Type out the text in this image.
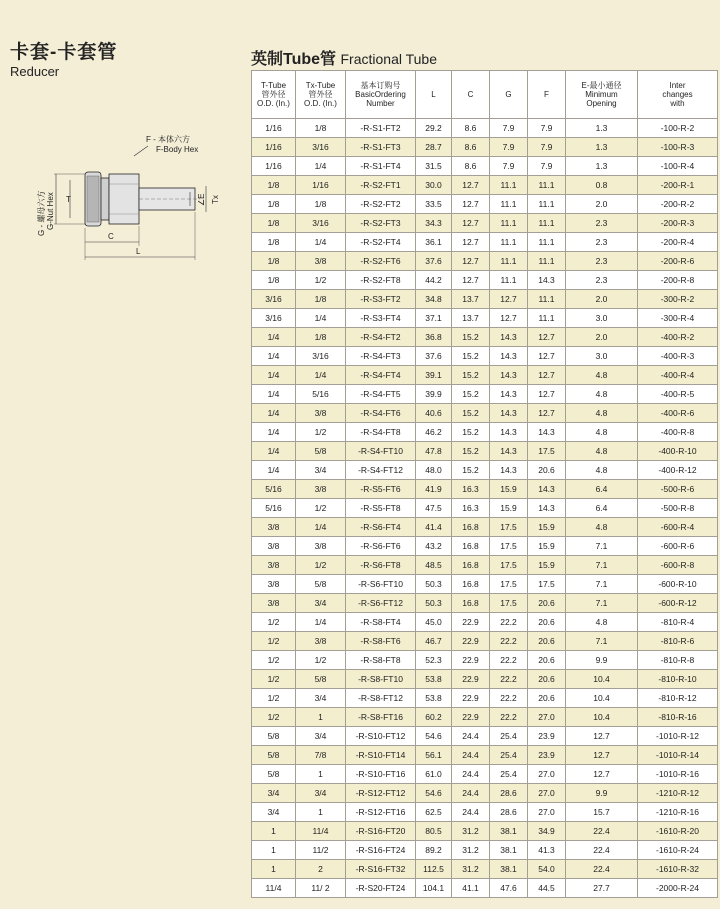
卡套-卡套管
Reducer
英制Tube管 Fractional Tube
F - 本体六方
F-Body Hex
G - 螺母六方 G-Nut Hex T	∠E Tx
C
L
T-Tube
管外径
O.D. (In.)	Tx-Tube
管外径
O.D. (In.)	基本订购号
BasicOrdering
Number	L	C	G	F	E-最小通径
Minimum
Opening	Inter
changes
with
1/16	1/8	-R-S1-FT2	29.2	8.6	7.9	7.9	1.3	-100-R-2
1/16	3/16	-R-S1-FT3	28.7	8.6	7.9	7.9	1.3	-100-R-3
1/16	1/4	-R-S1-FT4	31.5	8.6	7.9	7.9	1.3	-100-R-4
1/8	1/16	-R-S2-FT1	30.0	12.7	11.1	11.1	0.8	-200-R-1
1/8	1/8	-R-S2-FT2	33.5	12.7	11.1	11.1	2.0	-200-R-2
1/8	3/16	-R-S2-FT3	34.3	12.7	11.1	11.1	2.3	-200-R-3
1/8	1/4	-R-S2-FT4	36.1	12.7	11.1	11.1	2.3	-200-R-4
1/8	3/8	-R-S2-FT6	37.6	12.7	11.1	11.1	2.3	-200-R-6
1/8	1/2	-R-S2-FT8	44.2	12.7	11.1	14.3	2.3	-200-R-8
3/16	1/8	-R-S3-FT2	34.8	13.7	12.7	11.1	2.0	-300-R-2
3/16	1/4	-R-S3-FT4	37.1	13.7	12.7	11.1	3.0	-300-R-4
1/4	1/8	-R-S4-FT2	36.8	15.2	14.3	12.7	2.0	-400-R-2
1/4	3/16	-R-S4-FT3	37.6	15.2	14.3	12.7	3.0	-400-R-3
1/4	1/4	-R-S4-FT4	39.1	15.2	14.3	12.7	4.8	-400-R-4
1/4	5/16	-R-S4-FT5	39.9	15.2	14.3	12.7	4.8	-400-R-5
1/4	3/8	-R-S4-FT6	40.6	15.2	14.3	12.7	4.8	-400-R-6
1/4	1/2	-R-S4-FT8	46.2	15.2	14.3	14.3	4.8	-400-R-8
1/4	5/8	-R-S4-FT10	47.8	15.2	14.3	17.5	4.8	-400-R-10
1/4	3/4	-R-S4-FT12	48.0	15.2	14.3	20.6	4.8	-400-R-12
5/16	3/8	-R-S5-FT6	41.9	16.3	15.9	14.3	6.4	-500-R-6
5/16	1/2	-R-S5-FT8	47.5	16.3	15.9	14.3	6.4	-500-R-8
3/8	1/4	-R-S6-FT4	41.4	16.8	17.5	15.9	4.8	-600-R-4
3/8	3/8	-R-S6-FT6	43.2	16.8	17.5	15.9	7.1	-600-R-6
3/8	1/2	-R-S6-FT8	48.5	16.8	17.5	15.9	7.1	-600-R-8
3/8	5/8	-R-S6-FT10	50.3	16.8	17.5	17.5	7.1	-600-R-10
3/8	3/4	-R-S6-FT12	50.3	16.8	17.5	20.6	7.1	-600-R-12
1/2	1/4	-R-S8-FT4	45.0	22.9	22.2	20.6	4.8	-810-R-4
1/2	3/8	-R-S8-FT6	46.7	22.9	22.2	20.6	7.1	-810-R-6
1/2	1/2	-R-S8-FT8	52.3	22.9	22.2	20.6	9.9	-810-R-8
1/2	5/8	-R-S8-FT10	53.8	22.9	22.2	20.6	10.4	-810-R-10
1/2	3/4	-R-S8-FT12	53.8	22.9	22.2	20.6	10.4	-810-R-12
1/2	1	-R-S8-FT16	60.2	22.9	22.2	27.0	10.4	-810-R-16
5/8	3/4	-R-S10-FT12	54.6	24.4	25.4	23.9	12.7	-1010-R-12
5/8	7/8	-R-S10-FT14	56.1	24.4	25.4	23.9	12.7	-1010-R-14
5/8	1	-R-S10-FT16	61.0	24.4	25.4	27.0	12.7	-1010-R-16
3/4	3/4	-R-S12-FT12	54.6	24.4	28.6	27.0	9.9	-1210-R-12
3/4	1	-R-S12-FT16	62.5	24.4	28.6	27.0	15.7	-1210-R-16
1	11/4	-R-S16-FT20	80.5	31.2	38.1	34.9	22.4	-1610-R-20
1	11/2	-R-S16-FT24	89.2	31.2	38.1	41.3	22.4	-1610-R-24
1	2	-R-S16-FT32	112.5	31.2	38.1	54.0	22.4	-1610-R-32
11/4	11/ 2	-R-S20-FT24	104.1	41.1	47.6	44.5	27.7	-2000-R-24
